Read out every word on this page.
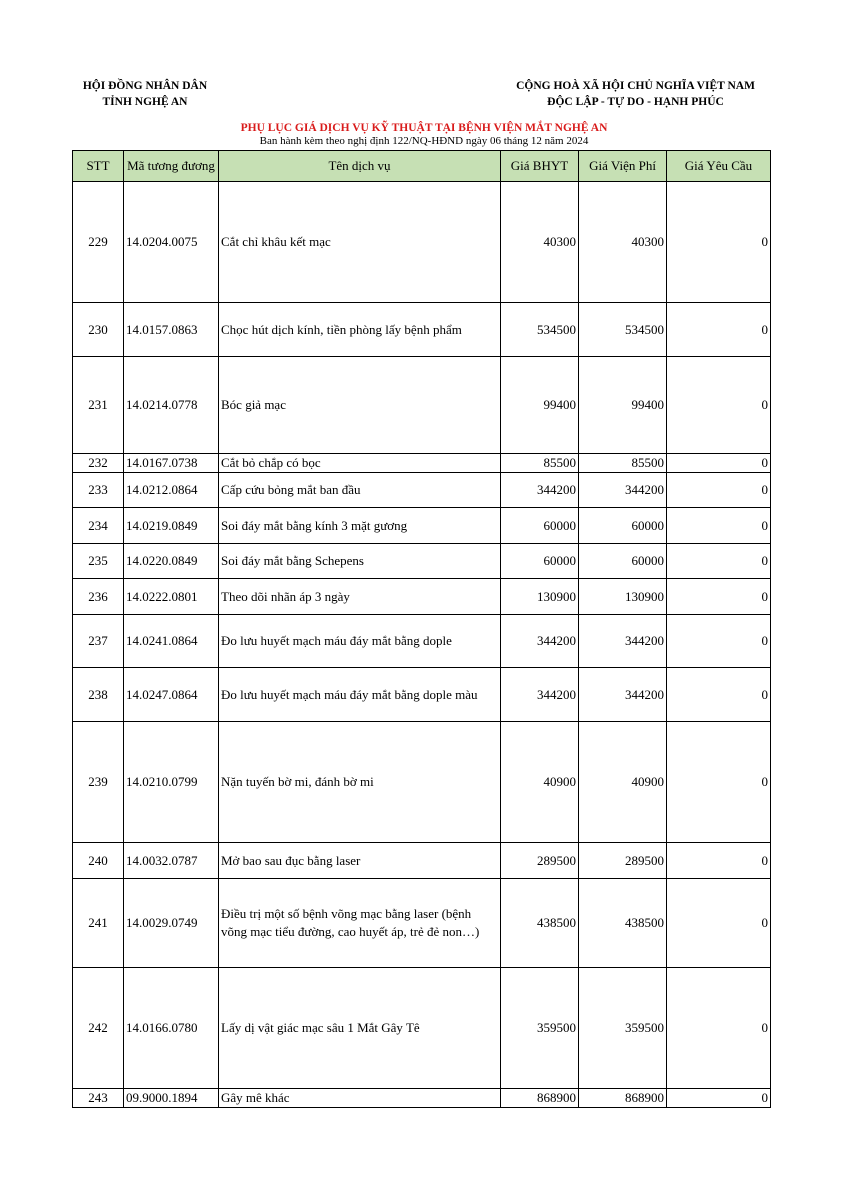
HỘI ĐỒNG NHÂN DÂN
TỈNH NGHỆ AN
CỘNG HOÀ XÃ HỘI CHỦ NGHĨA VIỆT NAM
ĐỘC LẬP - TỰ DO - HẠNH PHÚC
PHỤ LỤC GIÁ DỊCH VỤ KỸ THUẬT TẠI BỆNH VIỆN MẮT NGHỆ AN
Ban hành kèm theo nghị định 122/NQ-HĐND ngày 06 tháng 12 năm 2024
STT	Mã tương đương	Tên dịch vụ	Giá BHYT	Giá Viện Phí	Giá Yêu Cầu
229	14.0204.0075	Cắt chỉ khâu kết mạc	40300	40300	0
230	14.0157.0863	Chọc hút dịch kính, tiền phòng lấy bệnh phẩm	534500	534500	0
231	14.0214.0778	Bóc giả mạc	99400	99400	0
232	14.0167.0738	Cắt bỏ chắp có bọc	85500	85500	0
233	14.0212.0864	Cấp cứu bỏng mắt ban đầu	344200	344200	0
234	14.0219.0849	Soi đáy mắt bằng kính 3 mặt gương	60000	60000	0
235	14.0220.0849	Soi đáy mắt bằng Schepens	60000	60000	0
236	14.0222.0801	Theo dõi nhãn áp 3 ngày	130900	130900	0
237	14.0241.0864	Đo lưu huyết mạch máu đáy mắt bằng dople	344200	344200	0
238	14.0247.0864	Đo lưu huyết mạch máu đáy mắt bằng dople màu	344200	344200	0
239	14.0210.0799	Nặn tuyến bờ mi, đánh bờ mi	40900	40900	0
240	14.0032.0787	Mở bao sau đục bằng laser	289500	289500	0
241	14.0029.0749	Điều trị một số bệnh võng mạc bằng laser (bệnh võng mạc tiểu đường, cao huyết áp, trẻ đẻ non…)	438500	438500	0
242	14.0166.0780	Lấy dị vật giác mạc sâu 1 Mắt Gây Tê	359500	359500	0
243	09.9000.1894	Gây mê khác	868900	868900	0
